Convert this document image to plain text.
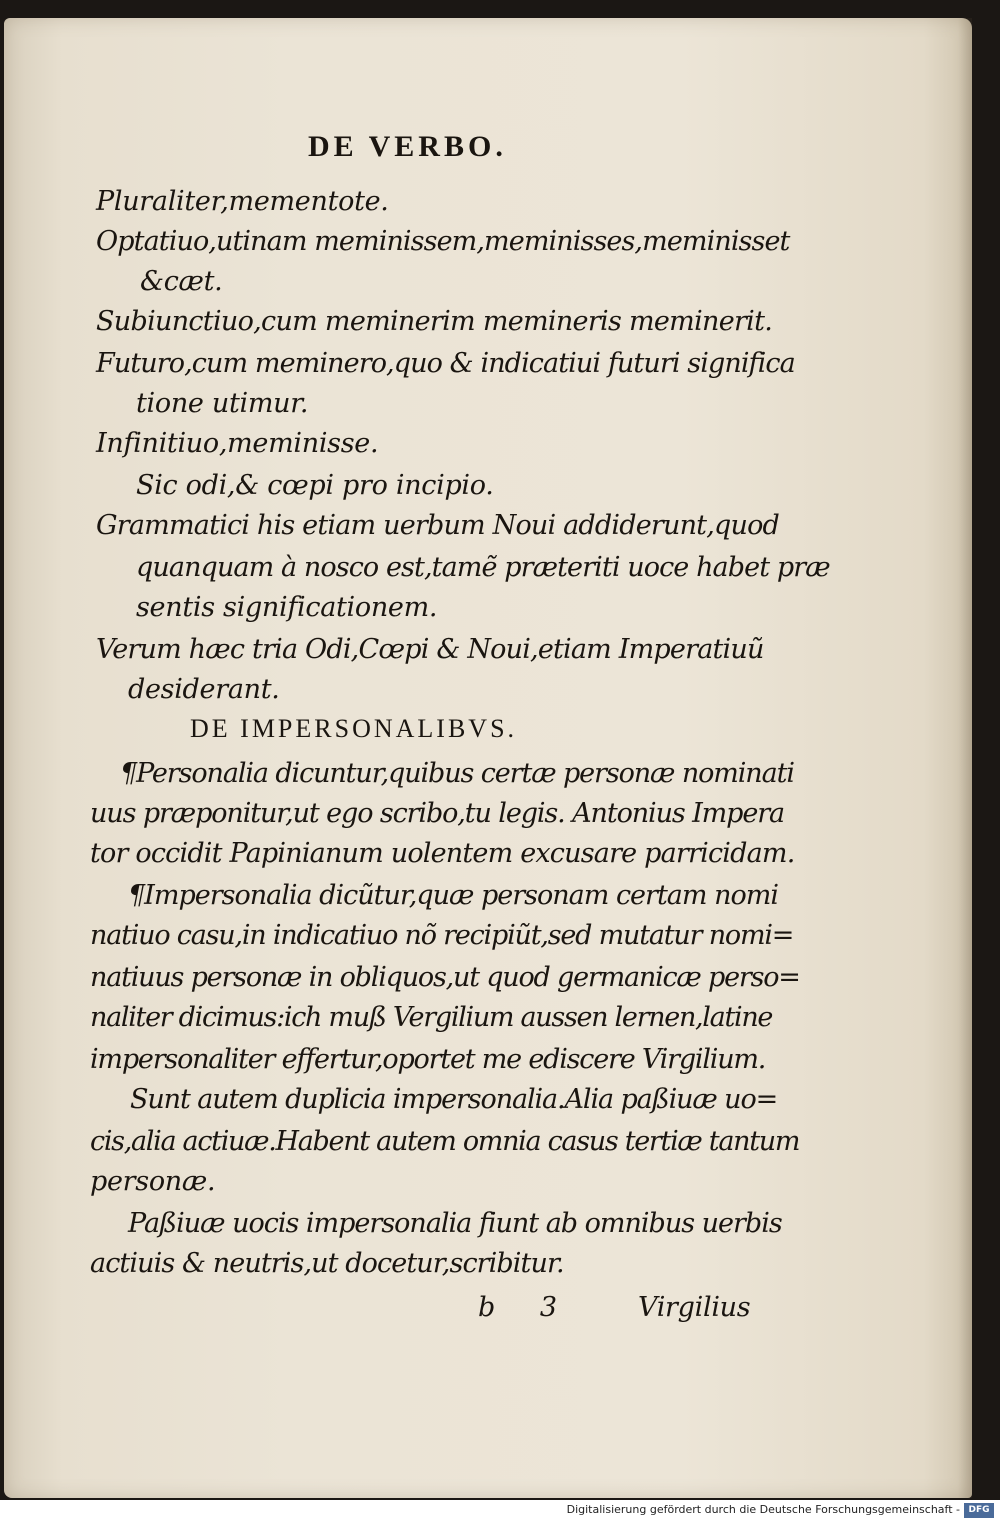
DE VERBO.
Pluraliter,mementote.
Optatiuo,utinam meminissem,meminisses,meminisset
&cæt.
Subiunctiuo,cum meminerim memineris meminerit.
Futuro,cum meminero,quo & indicatiui futuri significa
tione utimur.
Infinitiuo,meminisse.
Sic odi,& cœpi pro incipio.
Grammatici his etiam uerbum Noui addiderunt,quod
quanquam à nosco est,tamẽ præteriti uoce habet præ
sentis significationem.
Verum hæc tria Odi,Cœpi & Noui,etiam Imperatiuũ
desiderant.
DE IMPERSONALIBVS.
¶Personalia dicuntur,quibus certæ personæ nominati
uus præponitur,ut ego scribo,tu legis. Antonius Impera
tor occidit Papinianum uolentem excusare parricidam.
¶Impersonalia dicũtur,quæ personam certam nomi
natiuo casu,in indicatiuo nõ recipiũt,sed mutatur nomi=
natiuus personæ in obliquos,ut quod germanicæ perso=
naliter dicimus:ich muß Vergilium aussen lernen,latine
impersonaliter effertur,oportet me ediscere Virgilium.
Sunt autem duplicia impersonalia.Alia paßiuæ uo=
cis,alia actiuæ.Habent autem omnia casus tertiæ tantum
personæ.
Paßiuæ uocis impersonalia fiunt ab omnibus uerbis
actiuis & neutris,ut docetur,scribitur.
b 3 Virgilius
Digitalisierung gefördert durch die Deutsche Forschungsgemeinschaft - DFG
